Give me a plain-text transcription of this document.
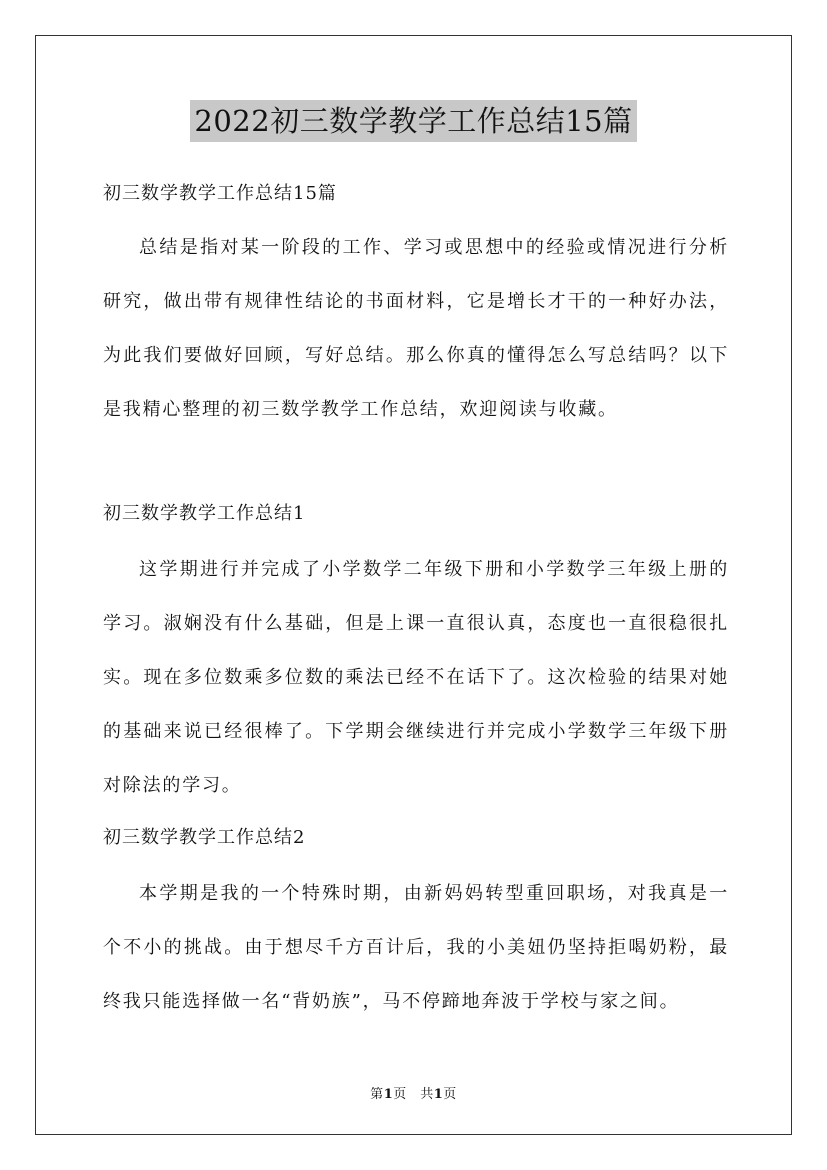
2022初三数学教学工作总结15篇

初三数学教学工作总结15篇

总结是指对某一阶段的工作、学习或思想中的经验或情况进行分析研究，做出带有规律性结论的书面材料，它是增长才干的一种好办法，为此我们要做好回顾，写好总结。那么你真的懂得怎么写总结吗？以下是我精心整理的初三数学教学工作总结，欢迎阅读与收藏。

初三数学教学工作总结1

这学期进行并完成了小学数学二年级下册和小学数学三年级上册的学习。淑娴没有什么基础，但是上课一直很认真，态度也一直很稳很扎实。现在多位数乘多位数的乘法已经不在话下了。这次检验的结果对她的基础来说已经很棒了。下学期会继续进行并完成小学数学三年级下册对除法的学习。

初三数学教学工作总结2

本学期是我的一个特殊时期，由新妈妈转型重回职场，对我真是一个不小的挑战。由于想尽千方百计后，我的小美妞仍坚持拒喝奶粉，最终我只能选择做一名“背奶族”，马不停蹄地奔波于学校与家之间。

第1页　共1页
